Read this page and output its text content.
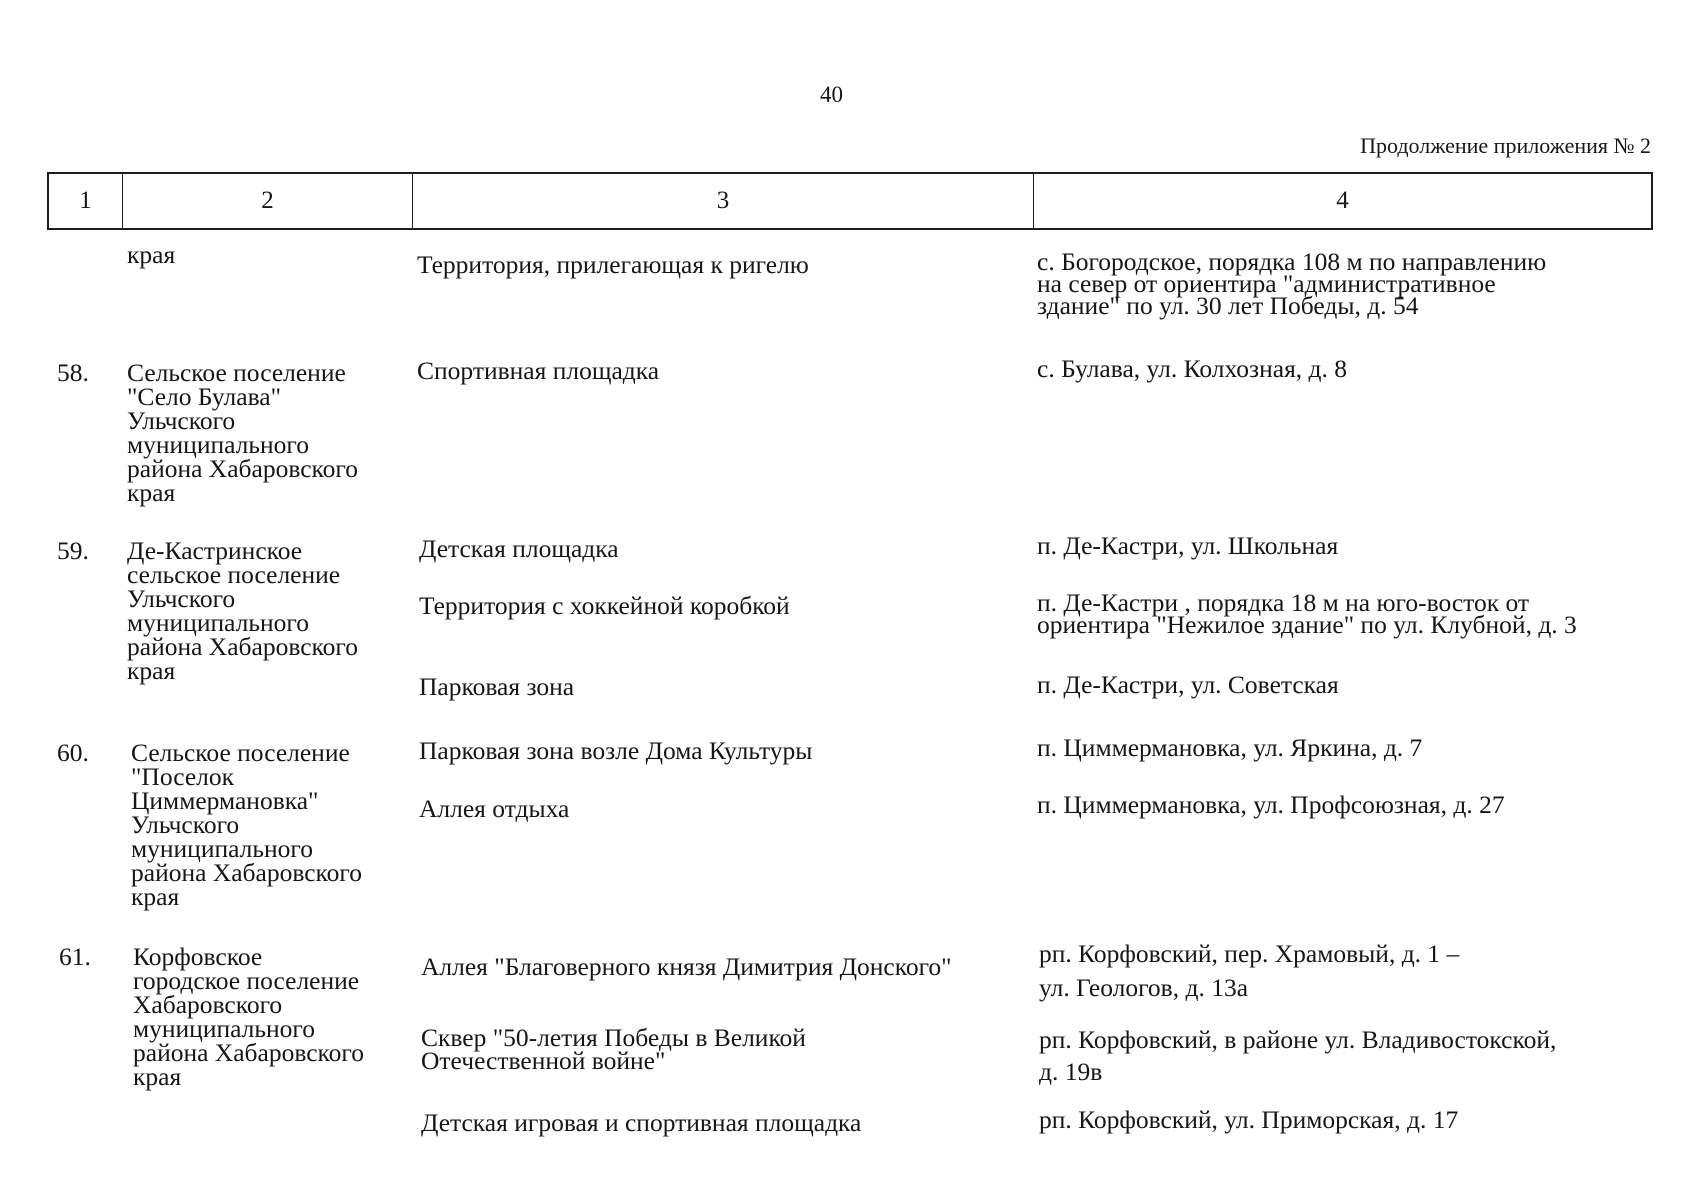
40
Продолжение приложения № 2
1	2	3	4
края	Территория, прилегающая к ригелю	с. Богородское, порядка 108 м по направлению
на север от ориентира "административное
здание" по ул. 30 лет Победы, д. 54
58. Сельское поселение
"Село Булава"
Ульчского
муниципального
района Хабаровского
края
Спортивная площадка	с. Булава, ул. Колхозная, д. 8
59. Де-Кастринское
сельское поселение
Ульчского
муниципального
района Хабаровского
края
Детская площадка	п. Де-Кастри, ул. Школьная
Территория с хоккейной коробкой	п. Де-Кастри , порядка 18 м на юго-восток от
ориентира "Нежилое здание" по ул. Клубной, д. 3
Парковая зона	п. Де-Кастри, ул. Советская
60. Сельское поселение
"Поселок
Циммермановка"
Ульчского
муниципального
района Хабаровского
края
Парковая зона возле Дома Культуры	п. Циммермановка, ул. Яркина, д. 7
Аллея отдыха	п. Циммермановка, ул. Профсоюзная, д. 27
61. Корфовское
городское поселение
Хабаровского
муниципального
района Хабаровского
края
Аллея "Благоверного князя Димитрия Донского"	рп. Корфовский, пер. Храмовый, д. 1 –
ул. Геологов, д. 13а
Сквер "50-летия Победы в Великой
Отечественной войне"
рп. Корфовский, в районе ул. Владивостокской,
д. 19в
Детская игровая и спортивная площадка	рп. Корфовский, ул. Приморская, д. 17
